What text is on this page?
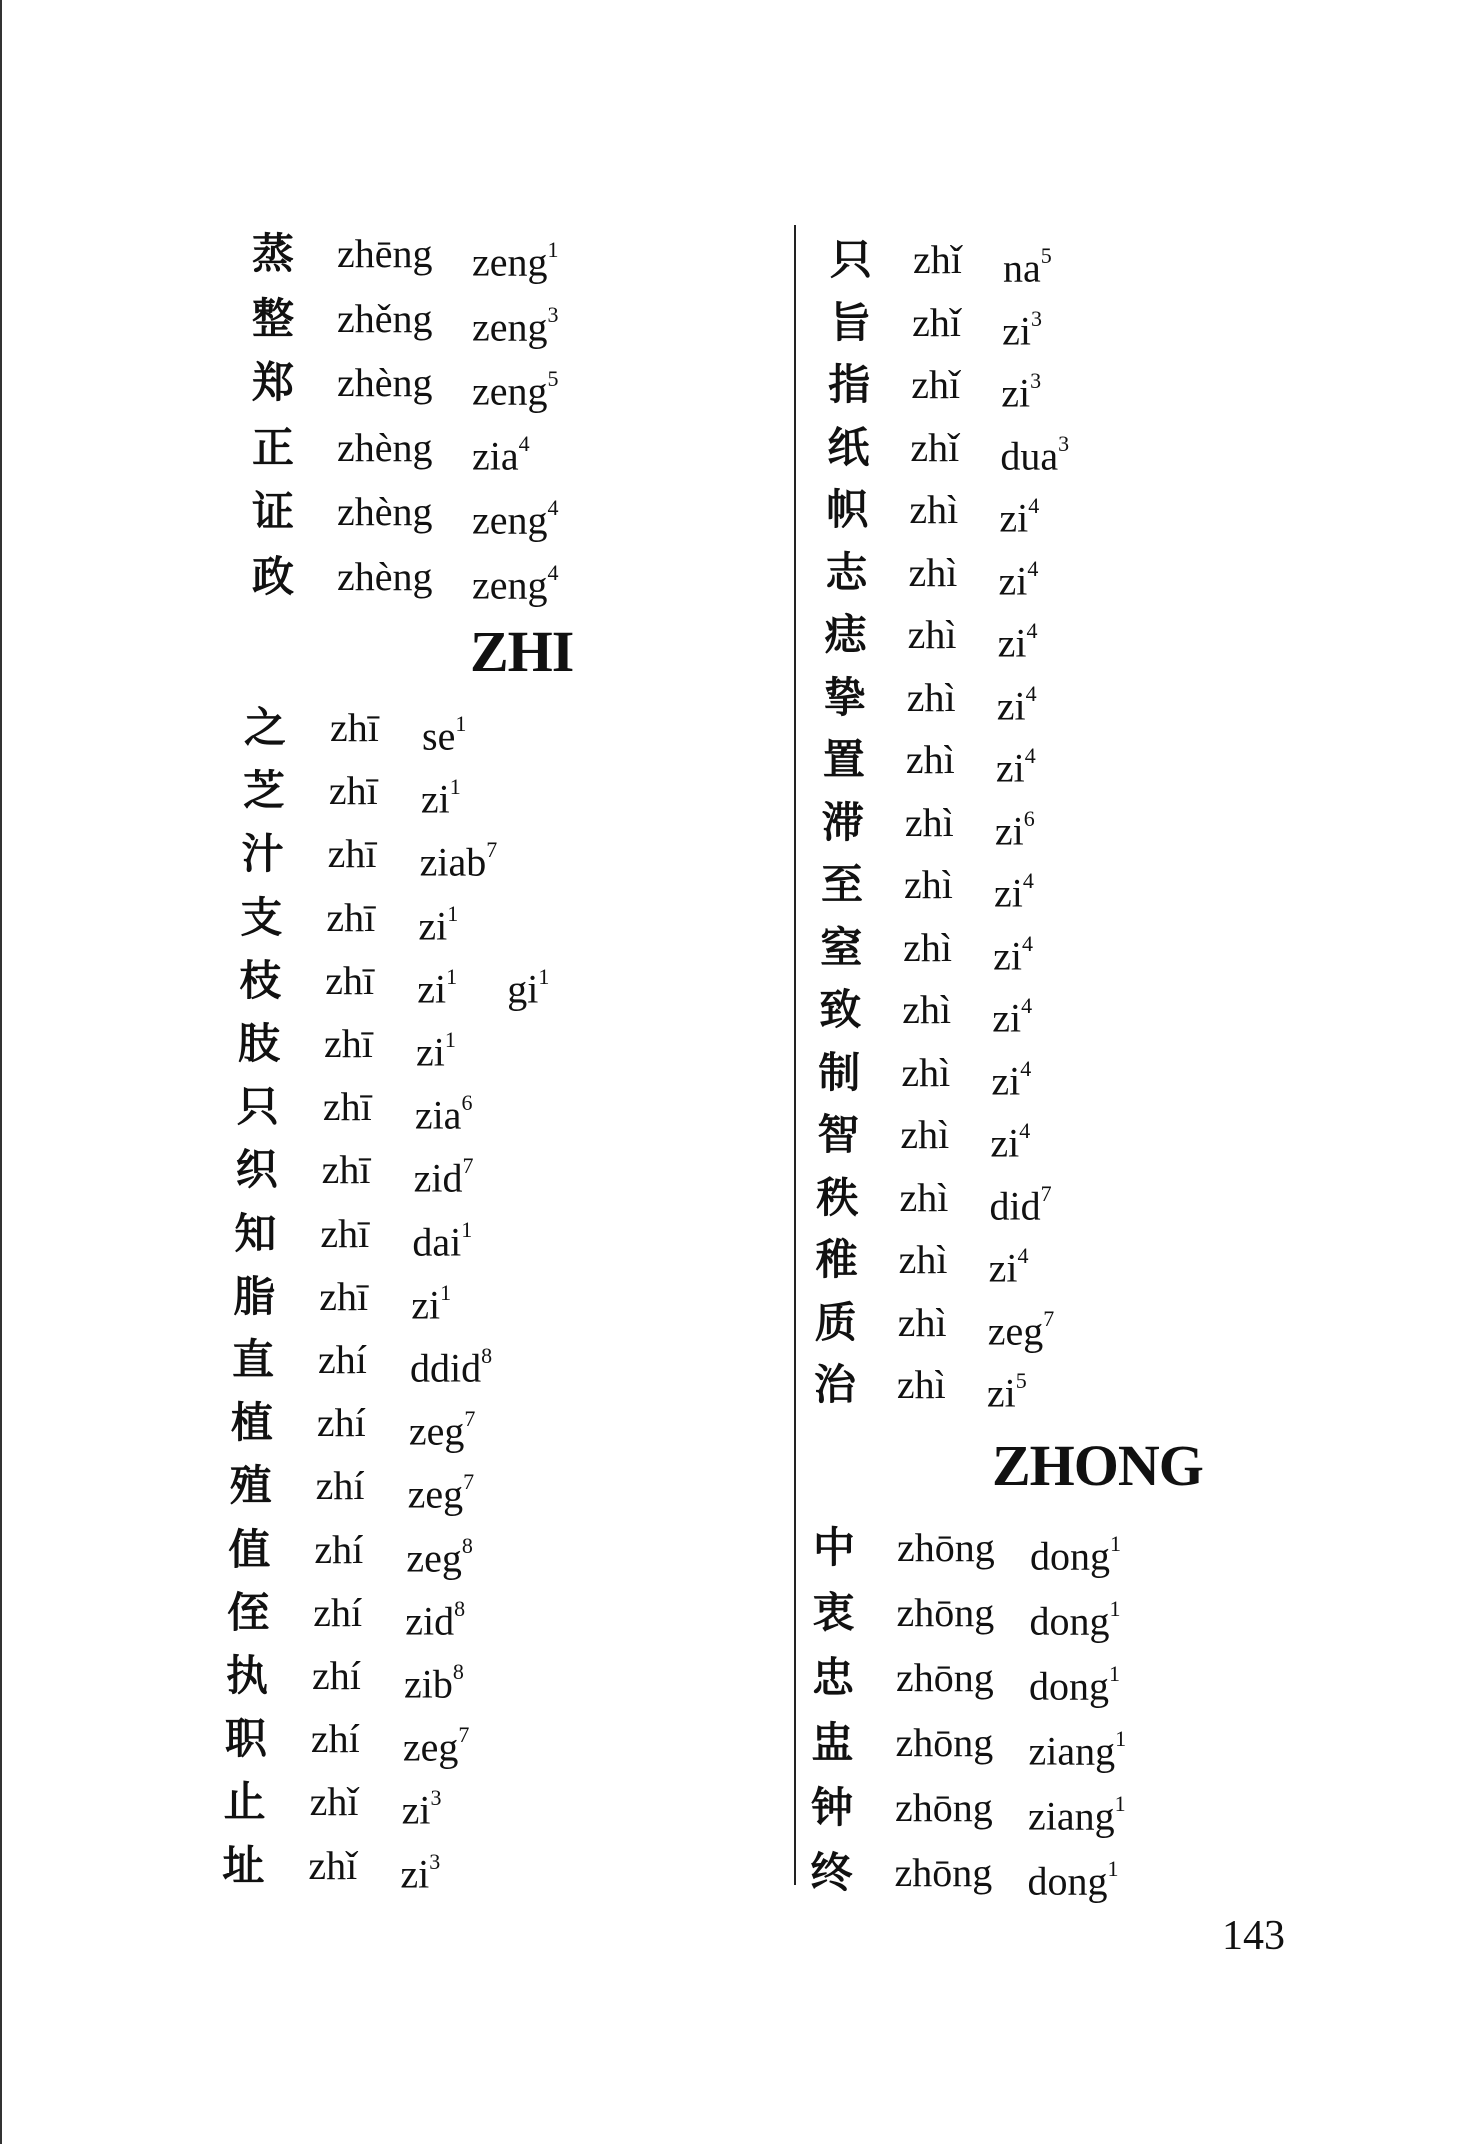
蒸 zhēng zeng$^1$
整 zhěng zeng$^3$
郑 zhèng zeng$^5$
正 zhèng zia$^4$
证 zhèng zeng$^4$
政 zhèng zeng$^4$
ZHI
之 zhī $se^1$
芝 zhī $zi^1$
汁 zhī ziab$^7$
支 zhī $zi^1$
枝 zhī $zi^1$ $gi^1$
肢 zhī $zi^1$
只 zhī zia$^6$
织 zhī zid$^7$
知 zhī dai$^1$
脂 zhī $zi^1$
直 zhí ddid$^8$
植 zhí zeg$^7$
殖 zhí zeg$^7$
值 zhí zeg$^8$
侄 zhí zid$^8$
执 zhí zib$^8$
职 zhí zeg$^7$
止 zhǐ $zi^3$
址 zhǐ $zi^3$
只 zhǐ $na^5$
旨 zhǐ $zi^3$
指 zhǐ $zi^3$
纸 zhǐ dua$^3$
帜 zhì $zi^4$
志 zhì $zi^4$
痣 zhì $zi^4$
挚 zhì $zi^4$
置 zhì $zi^4$
滞 zhì $zi^6$
至 zhì $zi^4$
窒 zhì $zi^4$
致 zhì $zi^4$
制 zhì $zi^4$
智 zhì $zi^4$
秩 zhì did$^7$
稚 zhì $zi^4$
质 zhì zeg$^7$
治 zhì $zi^5$
ZHONG
中 zhōng dong$^1$
衷 zhōng dong$^1$
忠 zhōng dong$^1$
盅 zhōng ziang$^1$
钟 zhōng ziang$^1$
终 zhōng dong$^1$
143
